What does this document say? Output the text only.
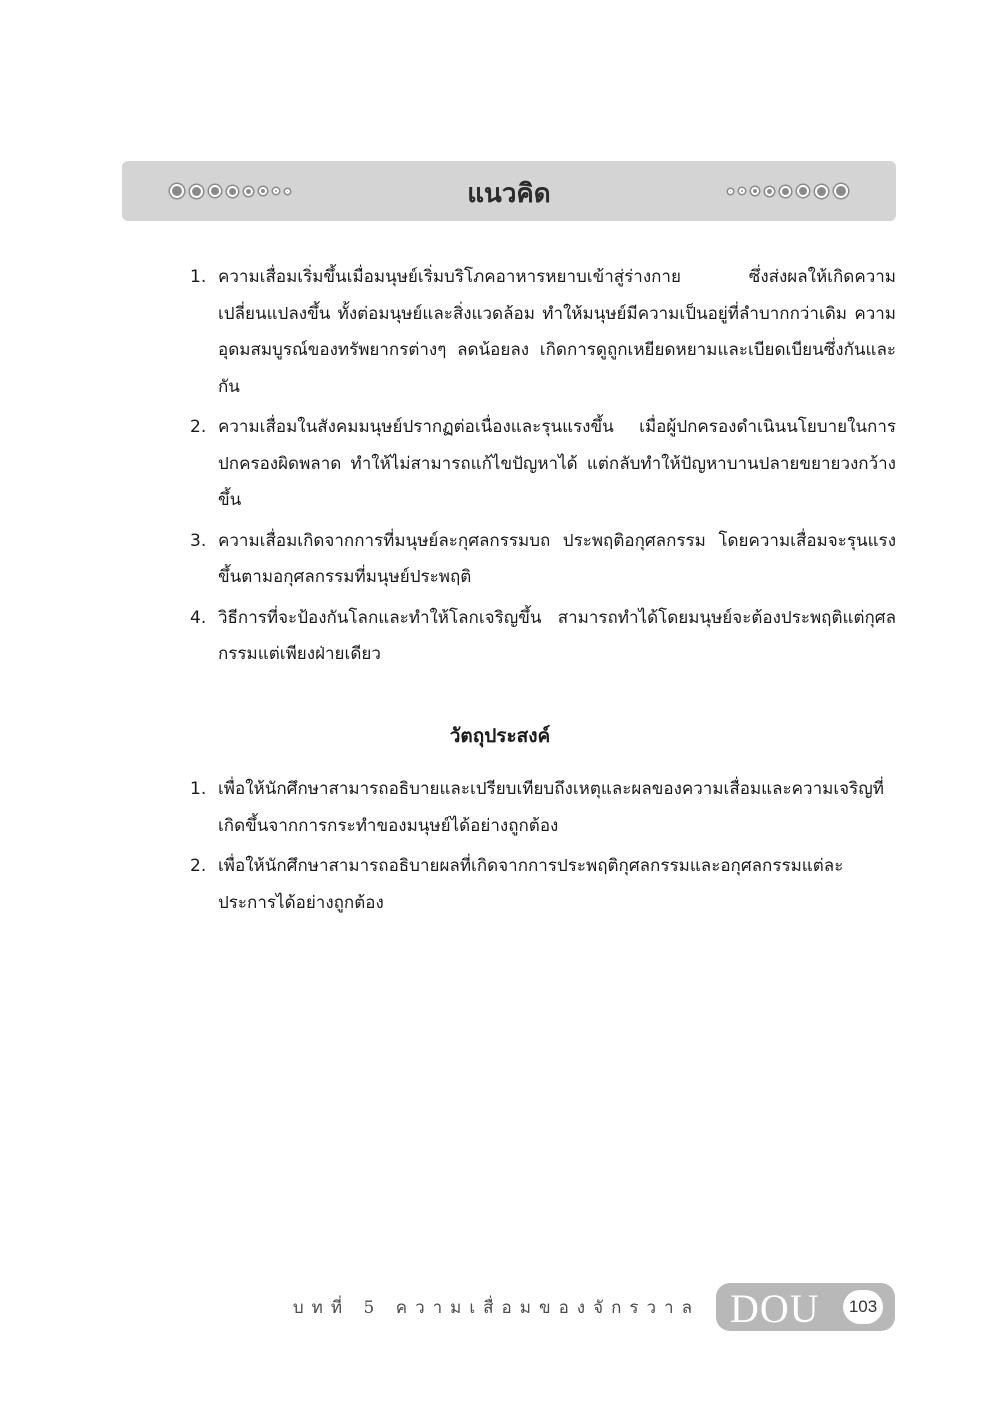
แนวคิด
1. ความเสื่อมเริ่มขึ้นเมื่อมนุษย์เริ่มบริโภคอาหารหยาบเข้าสู่ร่างกาย ซึ่งส่งผลให้เกิดความเปลี่ยนแปลงขึ้น ทั้งต่อมนุษย์และสิ่งแวดล้อม ทำให้มนุษย์มีความเป็นอยู่ที่ลำบากกว่าเดิม ความอุดมสมบูรณ์ของทรัพยากรต่างๆ ลดน้อยลง เกิดการดูถูกเหยียดหยามและเบียดเบียนซึ่งกันและกัน
2. ความเสื่อมในสังคมมนุษย์ปรากฏต่อเนื่องและรุนแรงขึ้น เมื่อผู้ปกครองดำเนินนโยบายในการปกครองผิดพลาด ทำให้ไม่สามารถแก้ไขปัญหาได้ แต่กลับทำให้ปัญหาบานปลายขยายวงกว้างขึ้น
3. ความเสื่อมเกิดจากการที่มนุษย์ละกุศลกรรมบถ ประพฤติอกุศลกรรม โดยความเสื่อมจะรุนแรงขึ้นตามอกุศลกรรมที่มนุษย์ประพฤติ
4. วิธีการที่จะป้องกันโลกและทำให้โลกเจริญขึ้น สามารถทำได้โดยมนุษย์จะต้องประพฤติแต่กุศลกรรมแต่เพียงฝ่ายเดียว
วัตถุประสงค์
1. เพื่อให้นักศึกษาสามารถอธิบายและเปรียบเทียบถึงเหตุและผลของความเสื่อมและความเจริญที่เกิดขึ้นจากการกระทำของมนุษย์ได้อย่างถูกต้อง
2. เพื่อให้นักศึกษาสามารถอธิบายผลที่เกิดจากการประพฤติกุศลกรรมและอกุศลกรรมแต่ละประการได้อย่างถูกต้อง
บทที่ 5 ความเสื่อมของจักรวาล DOU	103
